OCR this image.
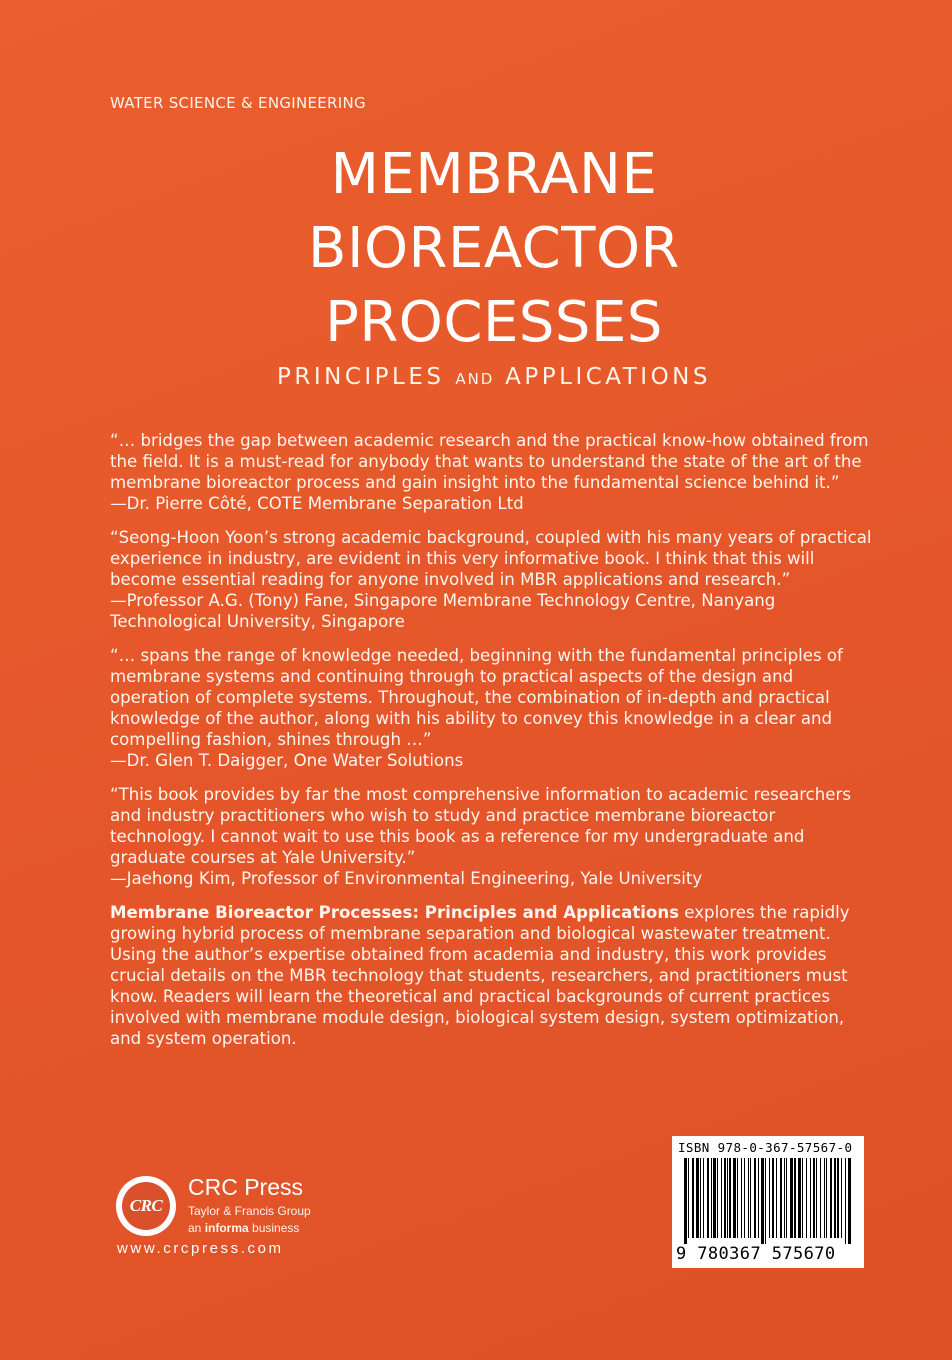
WATER SCIENCE & ENGINEERING
MEMBRANE
BIOREACTOR
PROCESSES
PRINCIPLES AND APPLICATIONS

“… bridges the gap between academic research and the practical know-how obtained from the field. It is a must-read for anybody that wants to understand the state of the art of the membrane bioreactor process and gain insight into the fundamental science behind it.”

—Dr. Pierre Côté, COTE Membrane Separation Ltd

“Seong-Hoon Yoon’s strong academic background, coupled with his many years of practical experience in industry, are evident in this very informative book. I think that this will become essential reading for anyone involved in MBR applications and research.”

—Professor A.G. (Tony) Fane, Singapore Membrane Technology Centre, Nanyang Technological University, Singapore

“… spans the range of knowledge needed, beginning with the fundamental principles of membrane systems and continuing through to practical aspects of the design and operation of complete systems. Throughout, the combination of in-depth and practical knowledge of the author, along with his ability to convey this knowledge in a clear and compelling fashion, shines through …”

—Dr. Glen T. Daigger, One Water Solutions

“This book provides by far the most comprehensive information to academic researchers and industry practitioners who wish to study and practice membrane bioreactor technology. I cannot wait to use this book as a reference for my undergraduate and graduate courses at Yale University.”

—Jaehong Kim, Professor of Environmental Engineering, Yale University

Membrane Bioreactor Processes: Principles and Applications explores the rapidly growing hybrid process of membrane separation and biological wastewater treatment. Using the author’s expertise obtained from academia and industry, this work provides crucial details on the MBR technology that students, researchers, and practitioners must know. Readers will learn the theoretical and practical backgrounds of current practices involved with membrane module design, biological system design, system optimization, and system operation.

CRC
CRC Press
Taylor & Francis Group
an informa business
www.crcpress.com
ISBN 978-0-367-57567-0
9 780367 575670
